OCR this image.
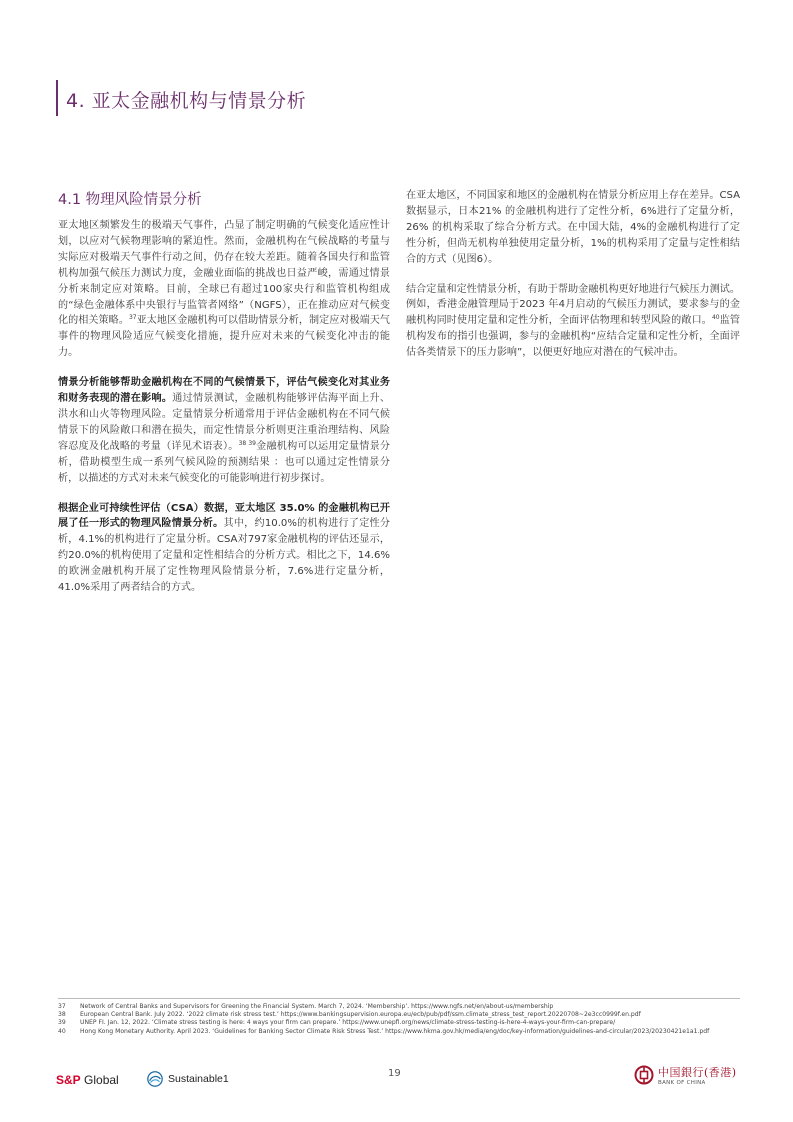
4. 亚太金融机构与情景分析
4.1 物理风险情景分析

亚太地区频繁发生的极端天气事件，凸显了制定明确的气候变化适应性计划，以应对气候物理影响的紧迫性。然而，金融机构在气候战略的考量与实际应对极端天气事件行动之间，仍存在较大差距。随着各国央行和监管机构加强气候压力测试力度，金融业面临的挑战也日益严峻，需通过情景分析来制定应对策略。目前，全球已有超过100家央行和监管机构组成的“绿色金融体系中央银行与监管者网络”（NGFS），正在推动应对气候变化的相关策略。$^{37}$亚太地区金融机构可以借助情景分析，制定应对极端天气事件的物理风险适应气候变化措施，提升应对未来的气候变化冲击的能力。

情景分析能够帮助金融机构在不同的气候情景下，评估气候变化对其业务和财务表现的潜在影响。通过情景测试，金融机构能够评估海平面上升、洪水和山火等物理风险。定量情景分析通常用于评估金融机构在不同气候情景下的风险敞口和潜在损失，而定性情景分析则更注重治理结构、风险容忍度及化战略的考量（详见术语表）。$^{38 39}$金融机构可以运用定量情景分析，借助模型生成一系列气候风险的预测结果 ：也可以通过定性情景分析，以描述的方式对未来气候变化的可能影响进行初步探讨。

根据企业可持续性评估（CSA）数据，亚太地区 35.0% 的金融机构已开展了任一形式的物理风险情景分析。其中，约10.0%的机构进行了定性分析，4.1%的机构进行了定量分析。CSA对797家金融机构的评估还显示，约20.0%的机构使用了定量和定性相结合的分析方式。相比之下，14.6%的欧洲金融机构开展了定性物理风险情景分析，7.6%进行定量分析，41.0%采用了两者结合的方式。

在亚太地区，不同国家和地区的金融机构在情景分析应用上存在差异。CSA数据显示，日本21% 的金融机构进行了定性分析，6%进行了定量分析，26% 的机构采取了综合分析方式。在中国大陆，4%的金融机构进行了定性分析，但尚无机构单独使用定量分析，1%的机构采用了定量与定性相结合的方式（见图6）。

结合定量和定性情景分析，有助于帮助金融机构更好地进行气候压力测试。例如，香港金融管理局于2023 年4月启动的气候压力测试，要求参与的金融机构同时使用定量和定性分析，全面评估物理和转型风险的敞口。$^{40}$监管机构发布的指引也强调，参与的金融机构“应结合定量和定性分析，全面评估各类情景下的压力影响”，以便更好地应对潜在的气候冲击。

37	Network of Central Banks and Supervisors for Greening the Financial System. March 7, 2024. ‘Membership’. https://www.ngfs.net/en/about-us/membership
38	European Central Bank. July 2022. ‘2022 climate risk stress test.’ https://www.bankingsupervision.europa.eu/ecb/pub/pdf/ssm.climate_stress_test_report.20220708~2e3cc0999f.en.pdf
39	UNEP FI. Jan. 12, 2022. ‘Climate stress testing is here: 4 ways your firm can prepare.’ https://www.unepfi.org/news/climate-stress-testing-is-here-4-ways-your-firm-can-prepare/
40	Hong Kong Monetary Authority. April 2023. ‘Guidelines for Banking Sector Climate Risk Stress Test.’ https://www.hkma.gov.hk/media/eng/doc/key-information/guidelines-and-circular/2023/20230421e1a1.pdf
S&P Global	Sustainable1	19	中国銀行(香港)
BANK OF CHINA
